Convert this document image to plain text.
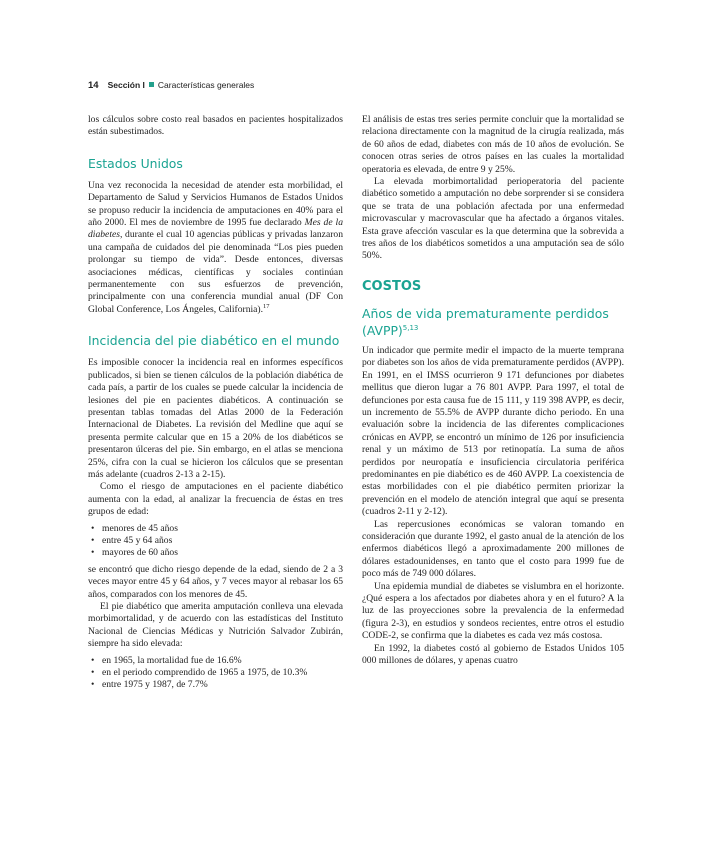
14 Sección I Características generales

los cálculos sobre costo real basados en pacientes hospitalizados están subestimados.

Estados Unidos

Una vez reconocida la necesidad de atender esta morbilidad, el Departamento de Salud y Servicios Humanos de Estados Unidos se propuso reducir la incidencia de amputaciones en 40% para el año 2000. El mes de noviembre de 1995 fue declarado Mes de la diabetes, durante el cual 10 agencias públicas y privadas lanzaron una campaña de cuidados del pie denominada “Los pies pueden prolongar su tiempo de vida”. Desde entonces, diversas asociaciones médicas, científicas y sociales continúan permanentemente con sus esfuerzos de prevención, principalmente con una conferencia mundial anual (DF Con Global Conference, Los Ángeles, California).$^{17}$

Incidencia del pie diabético en el mundo

Es imposible conocer la incidencia real en informes específicos publicados, si bien se tienen cálculos de la población diabética de cada país, a partir de los cuales se puede calcular la incidencia de lesiones del pie en pacientes diabéticos. A continuación se presentan tablas tomadas del Atlas 2000 de la Federación Internacional de Diabetes. La revisión del Medline que aquí se presenta permite calcular que en 15 a 20% de los diabéticos se presentaron úlceras del pie. Sin embargo, en el atlas se menciona 25%, cifra con la cual se hicieron los cálculos que se presentan más adelante (cuadros 2-13 a 2-15).

Como el riesgo de amputaciones en el paciente diabético aumenta con la edad, al analizar la frecuencia de éstas en tres grupos de edad:

• menores de 45 años
• entre 45 y 64 años
• mayores de 60 años

se encontró que dicho riesgo depende de la edad, siendo de 2 a 3 veces mayor entre 45 y 64 años, y 7 veces mayor al rebasar los 65 años, comparados con los menores de 45.

El pie diabético que amerita amputación conlleva una elevada morbimortalidad, y de acuerdo con las estadísticas del Instituto Nacional de Ciencias Médicas y Nutrición Salvador Zubirán, siempre ha sido elevada:

• en 1965, la mortalidad fue de 16.6%
• en el periodo comprendido de 1965 a 1975, de 10.3%
• entre 1975 y 1987, de 7.7%

El análisis de estas tres series permite concluir que la mortalidad se relaciona directamente con la magnitud de la cirugía realizada, más de 60 años de edad, diabetes con más de 10 años de evolución. Se conocen otras series de otros países en las cuales la mortalidad operatoria es elevada, de entre 9 y 25%.

La elevada morbimortalidad perioperatoria del paciente diabético sometido a amputación no debe sorprender si se considera que se trata de una población afectada por una enfermedad microvascular y macrovascular que ha afectado a órganos vitales. Esta grave afección vascular es la que determina que la sobrevida a tres años de los diabéticos sometidos a una amputación sea de sólo 50%.

COSTOS
Años de vida prematuramente perdidos (AVPP)$^{5,13}$

Un indicador que permite medir el impacto de la muerte temprana por diabetes son los años de vida prematuramente perdidos (AVPP). En 1991, en el IMSS ocurrieron 9 171 defunciones por diabetes mellitus que dieron lugar a 76 801 AVPP. Para 1997, el total de defunciones por esta causa fue de 15 111, y 119 398 AVPP, es decir, un incremento de 55.5% de AVPP durante dicho periodo. En una evaluación sobre la incidencia de las diferentes complicaciones crónicas en AVPP, se encontró un mínimo de 126 por insuficiencia renal y un máximo de 513 por retinopatía. La suma de años perdidos por neuropatía e insuficiencia circulatoria periférica predominantes en pie diabético es de 460 AVPP. La coexistencia de estas morbilidades con el pie diabético permiten priorizar la prevención en el modelo de atención integral que aquí se presenta (cuadros 2-11 y 2-12).

Las repercusiones económicas se valoran tomando en consideración que durante 1992, el gasto anual de la atención de los enfermos diabéticos llegó a aproximadamente 200 millones de dólares estadounidenses, en tanto que el costo para 1999 fue de poco más de 749 000 dólares.

Una epidemia mundial de diabetes se vislumbra en el horizonte. ¿Qué espera a los afectados por diabetes ahora y en el futuro? A la luz de las proyecciones sobre la prevalencia de la enfermedad (figura 2-3), en estudios y sondeos recientes, entre otros el estudio CODE-2, se confirma que la diabetes es cada vez más costosa.

En 1992, la diabetes costó al gobierno de Estados Unidos 105 000 millones de dólares, y apenas cuatro
